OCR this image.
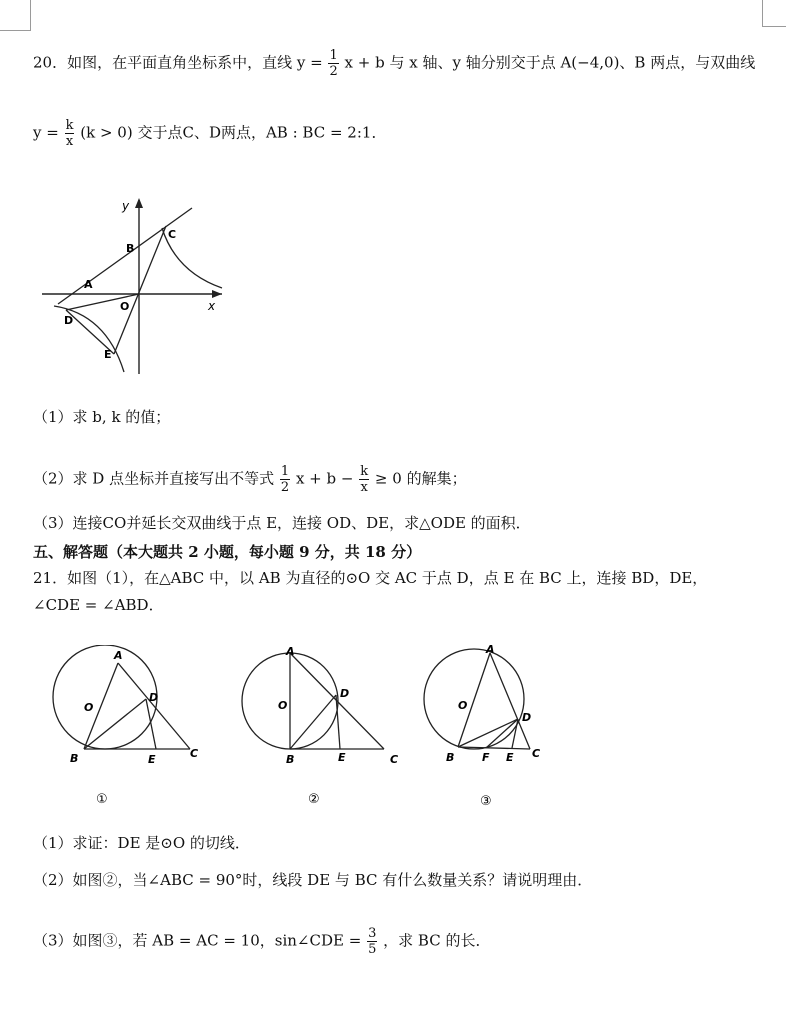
20．如图，在平面直角坐标系中，直线 $y = \frac{1}{2}$ x + b 与 x 轴、y 轴分别交于点 A(−4,0)、B 两点，与双曲线
$y = \frac{k}{x} (k > 0)$ 交于点C、D两点，AB : BC = 2:1．
y
x
A
B
C
O
D
E
（1）求 b, k 的值；
（2）求 D 点坐标并直接写出不等式 $\frac{1}{2}$ $x + b - \frac{k}{x} \ge 0$ 的解集；
（3）连接CO并延长交双曲线于点 E，连接 OD、DE，求△ODE 的面积．
五、解答题（本大题共 2 小题，每小题 9 分，共 18 分）
21．如图（1），在△ABC 中，以 AB 为直径的⊙O 交 AC 于点 D，点 E 在 BC 上，连接 BD，DE，
∠CDE = ∠ABD．
A
O
D
B	E	C
①
A
O
D
B	E	C
②
A
O
D
B	F E C
③
（1）求证：DE 是⊙O 的切线．
（2）如图②，当∠ABC = 90°时，线段 DE 与 BC 有什么数量关系？请说明理由．
（3）如图③，若 AB = AC = 10，sin∠CDE = $\frac{3}{5}$ ，求 BC 的长．
